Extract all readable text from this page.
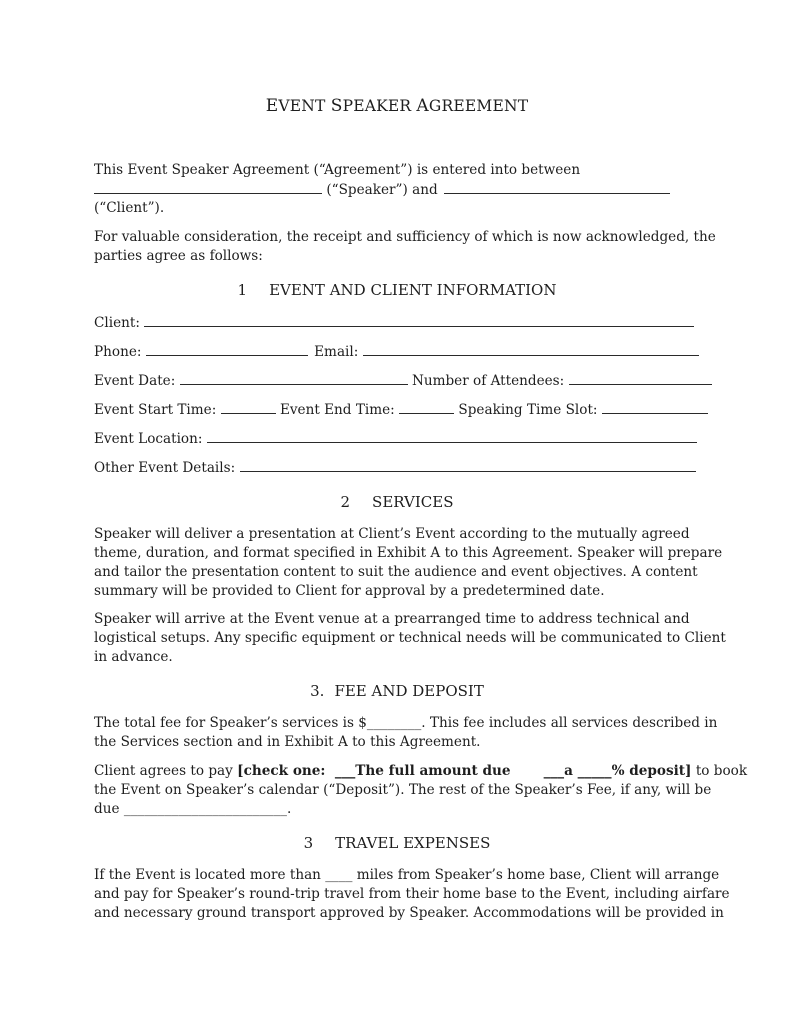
EVENT SPEAKER AGREEMENT
This Event Speaker Agreement (“Agreement”) is entered into between
(“Speaker”) and
(“Client”).
For valuable consideration, the receipt and sufficiency of which is now acknowledged, the
parties agree as follows:
1 EVENT AND CLIENT INFORMATION
Client:
Phone:	Email:
Event Date:	Number of Attendees:
Event Start Time:	Event End Time:	Speaking Time Slot:
Event Location:
Other Event Details:
2 SERVICES
Speaker will deliver a presentation at Client’s Event according to the mutually agreed
theme, duration, and format specified in Exhibit A to this Agreement. Speaker will prepare
and tailor the presentation content to suit the audience and event objectives. A content
summary will be provided to Client for approval by a predetermined date.
Speaker will arrive at the Event venue at a prearranged time to address technical and
logistical setups. Any specific equipment or technical needs will be communicated to Client
in advance.
3. FEE AND DEPOSIT
The total fee for Speaker’s services is $________. This fee includes all services described in
the Services section and in Exhibit A to this Agreement.
Client agrees to pay [check one:  ___The full amount due       ___a _____% deposit] to book
the Event on Speaker’s calendar (“Deposit”). The rest of the Speaker’s Fee, if any, will be
due ________________________.
3 TRAVEL EXPENSES
If the Event is located more than ____ miles from Speaker’s home base, Client will arrange
and pay for Speaker’s round-trip travel from their home base to the Event, including airfare
and necessary ground transport approved by Speaker. Accommodations will be provided in
